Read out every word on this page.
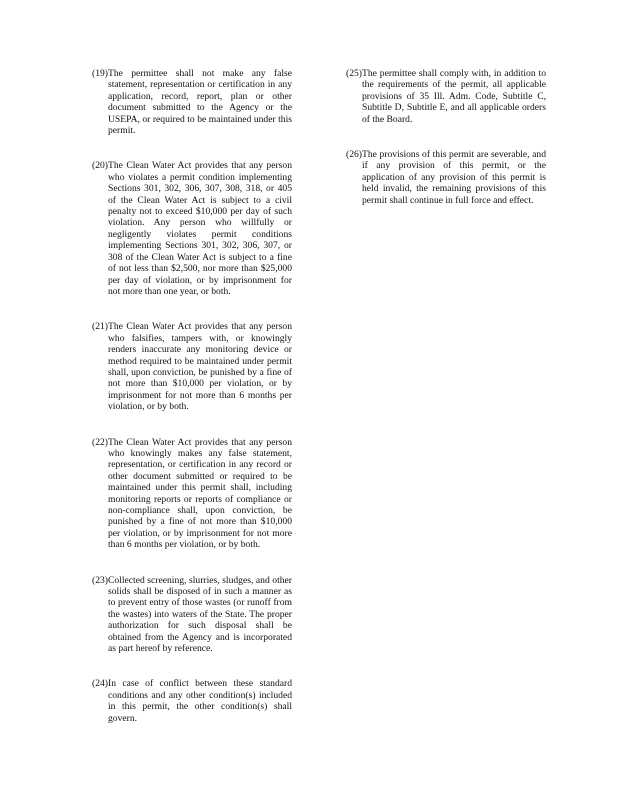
(19) The permittee shall not make any false statement, representation or certification in any application, record, report, plan or other document submitted to the Agency or the USEPA, or required to be maintained under this permit.
(20) The Clean Water Act provides that any person who violates a permit condition implementing Sections 301, 302, 306, 307, 308, 318, or 405 of the Clean Water Act is subject to a civil penalty not to exceed $10,000 per day of such violation. Any person who willfully or negligently violates permit conditions implementing Sections 301, 302, 306, 307, or 308 of the Clean Water Act is subject to a fine of not less than $2,500, nor more than $25,000 per day of violation, or by imprisonment for not more than one year, or both.
(21) The Clean Water Act provides that any person who falsifies, tampers with, or knowingly renders inaccurate any monitoring device or method required to be maintained under permit shall, upon conviction, be punished by a fine of not more than $10,000 per violation, or by imprisonment for not more than 6 months per violation, or by both.
(22) The Clean Water Act provides that any person who knowingly makes any false statement, representation, or certification in any record or other document submitted or required to be maintained under this permit shall, including monitoring reports or reports of compliance or non-compliance shall, upon conviction, be punished by a fine of not more than $10,000 per violation, or by imprisonment for not more than 6 months per violation, or by both.
(23) Collected screening, slurries, sludges, and other solids shall be disposed of in such a manner as to prevent entry of those wastes (or runoff from the wastes) into waters of the State. The proper authorization for such disposal shall be obtained from the Agency and is incorporated as part hereof by reference.
(24) In case of conflict between these standard conditions and any other condition(s) included in this permit, the other condition(s) shall govern.
(25) The permittee shall comply with, in addition to the requirements of the permit, all applicable provisions of 35 Ill. Adm. Code, Subtitle C, Subtitle D, Subtitle E, and all applicable orders of the Board.
(26) The provisions of this permit are severable, and if any provision of this permit, or the application of any provision of this permit is held invalid, the remaining provisions of this permit shall continue in full force and effect.
